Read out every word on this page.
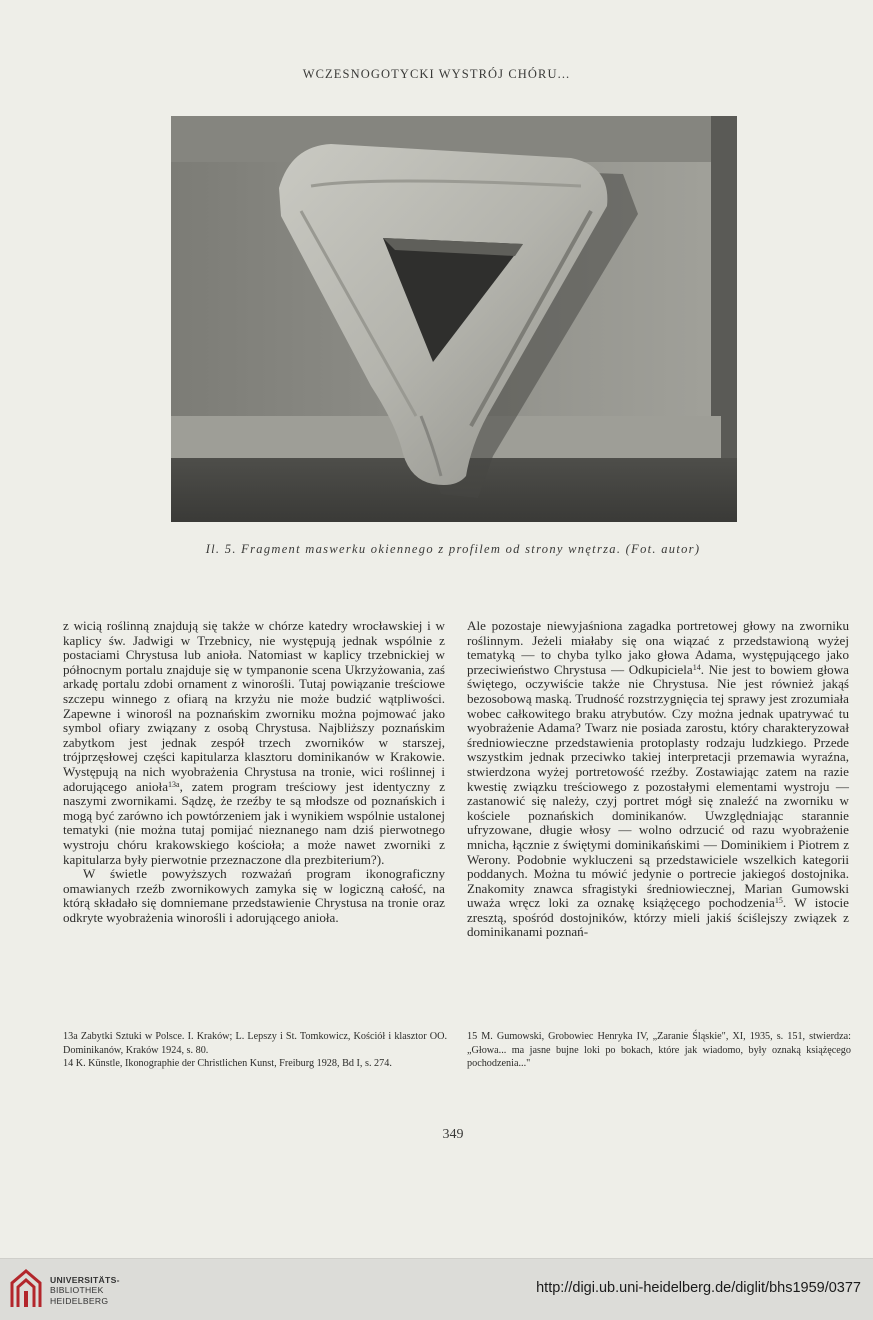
WCZESNOGOTYCKI WYSTRÓJ CHÓRU...
Il. 5. Fragment maswerku okiennego z profilem od strony wnętrza. (Fot. autor)

z wicią roślinną znajdują się także w chórze katedry wrocławskiej i w kaplicy św. Jadwigi w Trzebnicy, nie występują jednak wspólnie z postaciami Chrystusa lub anioła. Natomiast w kaplicy trzebnickiej w północnym portalu znajduje się w tympanonie scena Ukrzyżowania, zaś arkadę portalu zdobi ornament z winorośli. Tutaj powiązanie treściowe szczepu winnego z ofiarą na krzyżu nie może budzić wątpliwości. Zapewne i winorośl na poznańskim zworniku można pojmować jako symbol ofiary związany z osobą Chrystusa. Najbliższy poznańskim zabytkom jest jednak zespół trzech zworników w starszej, trójprzęsłowej części kapitularza klasztoru dominikanów w Krakowie. Występują na nich wyobrażenia Chrystusa na tronie, wici roślinnej i adorującego anioła$^{13a}$, zatem program treściowy jest identyczny z naszymi zwornikami. Sądzę, że rzeźby te są młodsze od poznańskich i mogą być zarówno ich powtórzeniem jak i wynikiem wspólnie ustalonej tematyki (nie można tutaj pomijać nieznanego nam dziś pierwotnego wystroju chóru krakowskiego kościoła; a może nawet zworniki z kapitularza były pierwotnie przeznaczone dla prezbiterium?).

W świetle powyższych rozważań program ikonograficzny omawianych rzeźb zwornikowych zamyka się w logiczną całość, na którą składało się domniemane przedstawienie Chrystusa na tronie oraz odkryte wyobrażenia winorośli i adorującego anioła.

Ale pozostaje niewyjaśniona zagadka portretowej głowy na zworniku roślinnym. Jeżeli miałaby się ona wiązać z przedstawioną wyżej tematyką — to chyba tylko jako głowa Adama, występującego jako przeciwieństwo Chrystusa — Odkupiciela$^{14}$. Nie jest to bowiem głowa świętego, oczywiście także nie Chrystusa. Nie jest również jakąś bezosobową maską. Trudność rozstrzygnięcia tej sprawy jest zrozumiała wobec całkowitego braku atrybutów. Czy można jednak upatrywać tu wyobrażenie Adama? Twarz nie posiada zarostu, który charakteryzował średniowieczne przedstawienia protoplasty rodzaju ludzkiego. Przede wszystkim jednak przeciwko takiej interpretacji przemawia wyraźna, stwierdzona wyżej portretowość rzeźby. Zostawiając zatem na razie kwestię związku treściowego z pozostałymi elementami wystroju — zastanowić się należy, czyj portret mógł się znaleźć na zworniku w kościele poznańskich dominikanów. Uwzględniając starannie ufryzowane, długie włosy — wolno odrzucić od razu wyobrażenie mnicha, łącznie z świętymi dominikańskimi — Dominikiem i Piotrem z Werony. Podobnie wykluczeni są przedstawiciele wszelkich kategorii poddanych. Można tu mówić jedynie o portrecie jakiegoś dostojnika. Znakomity znawca sfragistyki średniowiecznej, Marian Gumowski uważa wręcz loki za oznakę książęcego pochodzenia$^{15}$. W istocie zresztą, spośród dostojników, którzy mieli jakiś ściślejszy związek z dominikanami poznań-

13a Zabytki Sztuki w Polsce. I. Kraków; L. Lepszy i St. Tomkowicz, Kościół i klasztor OO. Dominikanów, Kraków 1924, s. 80.

14 K. Künstle, Ikonographie der Christlichen Kunst, Freiburg 1928, Bd I, s. 274.

15 M. Gumowski, Grobowiec Henryka IV, „Zaranie Śląskie", XI, 1935, s. 151, stwierdza: „Głowa... ma jasne bujne loki po bokach, które jak wiadomo, były oznaką książęcego pochodzenia..."

349
UNIVERSITÄTS-
BIBLIOTHEK
HEIDELBERG
http://digi.ub.uni-heidelberg.de/diglit/bhs1959/0377
